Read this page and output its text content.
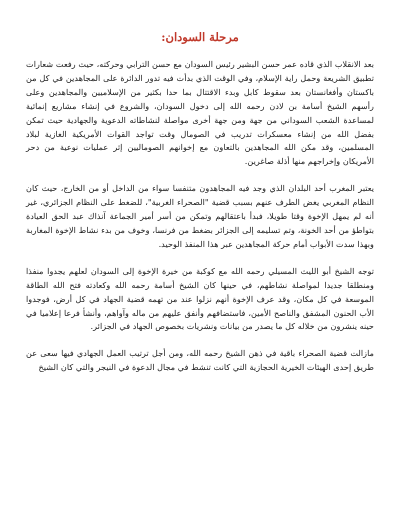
مرحلة السودان:

بعد الانقلاب الذي قاده عمر حسن البشير رئيس السودان مع حسن الترابي وحركته، حيث رفعت شعارات تطبيق الشريعة وحمل راية الإسلام، وفي الوقت الذي بدأت فيه تدور الدائرة على المجاهدين في كل من باكستان وأفغانستان بعد سقوط كابل وبدء الاقتتال بما حدا بكثير من الإسلاميين والمجاهدين وعلى رأسهم الشيخ أسامة بن لادن رحمه الله إلى دخول السودان، والشروع في إنشاء مشاريع إنمائية لمساعدة الشعب السوداني من جهة ومن جهة أخرى مواصلة لنشاطاته الدعوية والجهادية حيث تمكن بفضل الله من إنشاء معسكرات تدريب في الصومال وقت تواجد القوات الأمريكية الغازية لبلاد المسلمين، وقد مكن الله المجاهدين بالتعاون مع إخوانهم الصوماليين إثر عمليات نوعية من دحر الأمريكان وإخراجهم منها أذلة صاغرين.

يعتبر المغرب أحد البلدان الذي وجد فيه المجاهدون متنفسا سواء من الداخل أو من الخارج، حيث كان النظام المغربي يغض الطرف عنهم بسبب قضية "الصحراء الغربية"، للضغط على النظام الجزائري، غير أنه لم يمهل الإخوة وقتا طويلا، فبدأ باعتقالهم وتمكن من أسر أمير الجماعة آنذاك عبد الحق العيادة بتواطؤ من أحد الخونة، وتم تسليمه إلى الجزائر بضغط من فرنسا، وخوف من بدء نشاط الإخوة المغاربة وبهذا سدت الأبواب أمام حركة المجاهدين عبر هذا المنفذ الوحيد.

توجه الشيخ أبو الليث المسيلي رحمه الله مع كوكبة من خيرة الإخوة إلى السودان لعلهم يجدوا منفذا ومنطلقا جديدا لمواصلة نشاطهم، في حينها كان الشيخ أسامة رحمه الله وكعادته فتح الله الطاقة الموسعة في كل مكان، وقد عرف الإخوة أنهم نزلوا عند من تهمه قضية الجهاد في كل أرض، فوجدوا الأب الحنون المشفق والناصح الأمين، فاستضافهم وأنفق عليهم من ماله وآواهم، وأنشأ فرعا إعلاميا في حينه ينشرون من خلاله كل ما يصدر من بيانات ونشريات بخصوص الجهاد في الجزائر.

مازالت قضية الصحراء باقية في ذهن الشيخ رحمه الله، ومن أجل ترتيب العمل الجهادي فيها سعى عن طريق إحدى الهيئات الخيرية الحجازية التي كانت تنشط في مجال الدعوة في النيجر والتي كان الشيخ
